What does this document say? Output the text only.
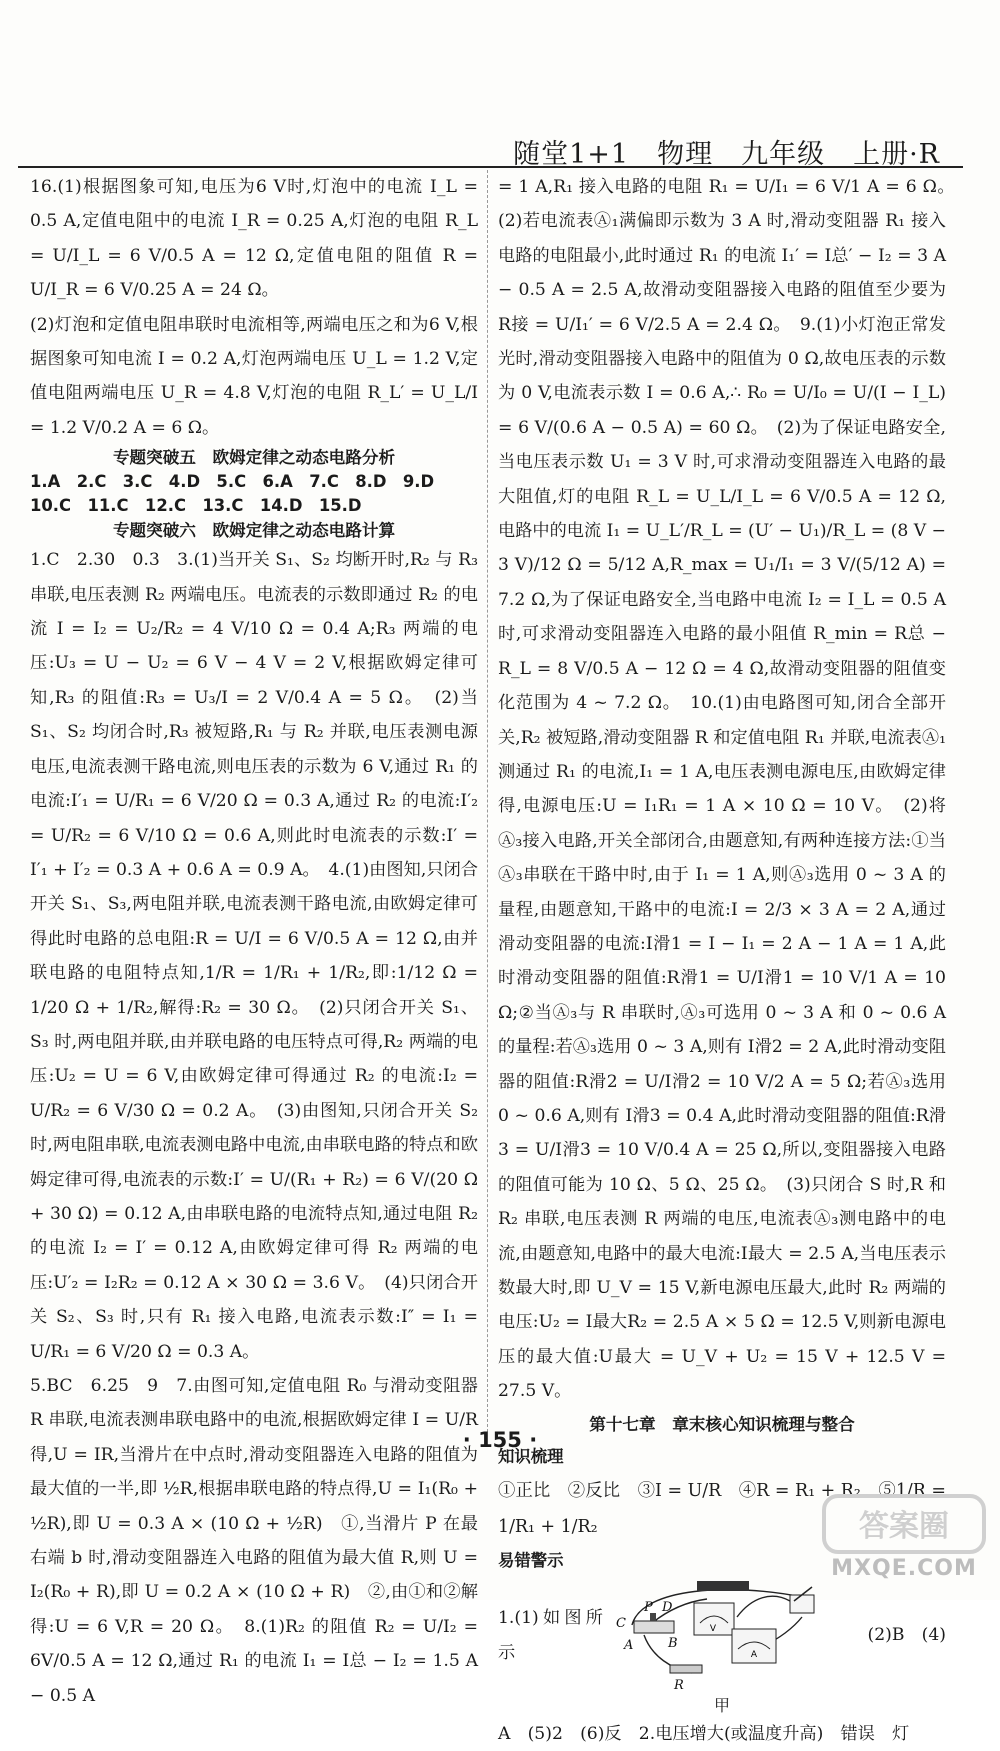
随堂1+1　物理　九年级　上册·R

16.(1)根据图象可知,电压为6 V时,灯泡中的电流 I_L = 0.5 A,定值电阻中的电流 I_R = 0.25 A,灯泡的电阻 R_L = U/I_L = 6 V/0.5 A = 12 Ω,定值电阻的阻值 R = U/I_R = 6 V/0.25 A = 24 Ω。

(2)灯泡和定值电阻串联时电流相等,两端电压之和为6 V,根据图象可知电流 I = 0.2 A,灯泡两端电压 U_L = 1.2 V,定值电阻两端电压 U_R = 4.8 V,灯泡的电阻 R_L′ = U_L/I = 1.2 V/0.2 A = 6 Ω。

专题突破五　欧姆定律之动态电路分析

1.A　2.C　3.C　4.D　5.C　6.A　7.C　8.D　9.D

10.C　11.C　12.C　13.C　14.D　15.D

专题突破六　欧姆定律之动态电路计算

1.C　2.30　0.3　3.(1)当开关 S₁、S₂ 均断开时,R₂ 与 R₃ 串联,电压表测 R₂ 两端电压。电流表的示数即通过 R₂ 的电流 I = I₂ = U₂/R₂ = 4 V/10 Ω = 0.4 A;R₃ 两端的电压:U₃ = U − U₂ = 6 V − 4 V = 2 V,根据欧姆定律可知,R₃ 的阻值:R₃ = U₃/I = 2 V/0.4 A = 5 Ω。　(2)当 S₁、S₂ 均闭合时,R₃ 被短路,R₁ 与 R₂ 并联,电压表测电源电压,电流表测干路电流,则电压表的示数为 6 V,通过 R₁ 的电流:I′₁ = U/R₁ = 6 V/20 Ω = 0.3 A,通过 R₂ 的电流:I′₂ = U/R₂ = 6 V/10 Ω = 0.6 A,则此时电流表的示数:I′ = I′₁ + I′₂ = 0.3 A + 0.6 A = 0.9 A。　4.(1)由图知,只闭合开关 S₁、S₃,两电阻并联,电流表测干路电流,由欧姆定律可得此时电路的总电阻:R = U/I = 6 V/0.5 A = 12 Ω,由并联电路的电阻特点知,1/R = 1/R₁ + 1/R₂,即:1/12 Ω = 1/20 Ω + 1/R₂,解得:R₂ = 30 Ω。　(2)只闭合开关 S₁、S₃ 时,两电阻并联,由并联电路的电压特点可得,R₂ 两端的电压:U₂ = U = 6 V,由欧姆定律可得通过 R₂ 的电流:I₂ = U/R₂ = 6 V/30 Ω = 0.2 A。　(3)由图知,只闭合开关 S₂ 时,两电阻串联,电流表测电路中电流,由串联电路的特点和欧姆定律可得,电流表的示数:I′ = U/(R₁ + R₂) = 6 V/(20 Ω + 30 Ω) = 0.12 A,由串联电路的电流特点知,通过电阻 R₂ 的电流 I₂ = I′ = 0.12 A,由欧姆定律可得 R₂ 两端的电压:U′₂ = I₂R₂ = 0.12 A × 30 Ω = 3.6 V。　(4)只闭合开关 S₂、S₃ 时,只有 R₁ 接入电路,电流表示数:I″ = I₁ = U/R₁ = 6 V/20 Ω = 0.3 A。

5.BC　6.25　9　7.由图可知,定值电阻 R₀ 与滑动变阻器 R 串联,电流表测串联电路中的电流,根据欧姆定律 I = U/R 得,U = IR,当滑片在中点时,滑动变阻器连入电路的阻值为最大值的一半,即 ½R,根据串联电路的特点得,U = I₁(R₀ + ½R),即 U = 0.3 A × (10 Ω + ½R)　①,当滑片 P 在最右端 b 时,滑动变阻器连入电路的阻值为最大值 R,则 U = I₂(R₀ + R),即 U = 0.2 A × (10 Ω + R)　②,由①和②解得:U = 6 V,R = 20 Ω。　8.(1)R₂ 的阻值 R₂ = U/I₂ = 6V/0.5 A = 12 Ω,通过 R₁ 的电流 I₁ = I总 − I₂ = 1.5 A − 0.5 A

= 1 A,R₁ 接入电路的电阻 R₁ = U/I₁ = 6 V/1 A = 6 Ω。　(2)若电流表Ⓐ₁满偏即示数为 3 A 时,滑动变阻器 R₁ 接入电路的电阻最小,此时通过 R₁ 的电流 I₁′ = I总′ − I₂ = 3 A − 0.5 A = 2.5 A,故滑动变阻器接入电路的阻值至少要为 R接 = U/I₁′ = 6 V/2.5 A = 2.4 Ω。　9.(1)小灯泡正常发光时,滑动变阻器接入电路中的阻值为 0 Ω,故电压表的示数为 0 V,电流表示数 I = 0.6 A,∴ R₀ = U/I₀ = U/(I − I_L) = 6 V/(0.6 A − 0.5 A) = 60 Ω。　(2)为了保证电路安全,当电压表示数 U₁ = 3 V 时,可求滑动变阻器连入电路的最大阻值,灯的电阻 R_L = U_L/I_L = 6 V/0.5 A = 12 Ω,电路中的电流 I₁ = U_L′/R_L = (U′ − U₁)/R_L = (8 V − 3 V)/12 Ω = 5/12 A,R_max = U₁/I₁ = 3 V/(5/12 A) = 7.2 Ω,为了保证电路安全,当电路中电流 I₂ = I_L = 0.5 A 时,可求滑动变阻器连入电路的最小阻值 R_min = R总 − R_L = 8 V/0.5 A − 12 Ω = 4 Ω,故滑动变阻器的阻值变化范围为 4 ~ 7.2 Ω。　10.(1)由电路图可知,闭合全部开关,R₂ 被短路,滑动变阻器 R 和定值电阻 R₁ 并联,电流表Ⓐ₁测通过 R₁ 的电流,I₁ = 1 A,电压表测电源电压,由欧姆定律得,电源电压:U = I₁R₁ = 1 A × 10 Ω = 10 V。　(2)将Ⓐ₃接入电路,开关全部闭合,由题意知,有两种连接方法:①当Ⓐ₃串联在干路中时,由于 I₁ = 1 A,则Ⓐ₃选用 0 ~ 3 A 的量程,由题意知,干路中的电流:I = 2/3 × 3 A = 2 A,通过滑动变阻器的电流:I滑1 = I − I₁ = 2 A − 1 A = 1 A,此时滑动变阻器的阻值:R滑1 = U/I滑1 = 10 V/1 A = 10 Ω;②当Ⓐ₃与 R 串联时,Ⓐ₃可选用 0 ~ 3 A 和 0 ~ 0.6 A 的量程:若Ⓐ₃选用 0 ~ 3 A,则有 I滑2 = 2 A,此时滑动变阻器的阻值:R滑2 = U/I滑2 = 10 V/2 A = 5 Ω;若Ⓐ₃选用 0 ~ 0.6 A,则有 I滑3 = 0.4 A,此时滑动变阻器的阻值:R滑3 = U/I滑3 = 10 V/0.4 A = 25 Ω,所以,变阻器接入电路的阻值可能为 10 Ω、5 Ω、25 Ω。　(3)只闭合 S 时,R 和 R₂ 串联,电压表测 R 两端的电压,电流表Ⓐ₃测电路中的电流,由题意知,电路中的最大电流:I最大 = 2.5 A,当电压表示数最大时,即 U_V = 15 V,新电源电压最大,此时 R₂ 两端的电压:U₂ = I最大R₂ = 2.5 A × 5 Ω = 12.5 V,则新电源电压的最大值:U最大 = U_V + U₂ = 15 V + 12.5 V = 27.5 V。

第十七章　章末核心知识梳理与整合

知识梳理

①正比　②反比　③I = U/R　④R = R₁ + R₂　⑤1/R = 1/R₁ + 1/R₂

易错警示

1.(1)如图所示
V
A
C
P D
A	B
R
(2)B　(4)

甲

A　(5)2　(6)反　2.电压增大(或温度升高)　错误　灯

· 155 ·
答案圈
MXQE.COM
